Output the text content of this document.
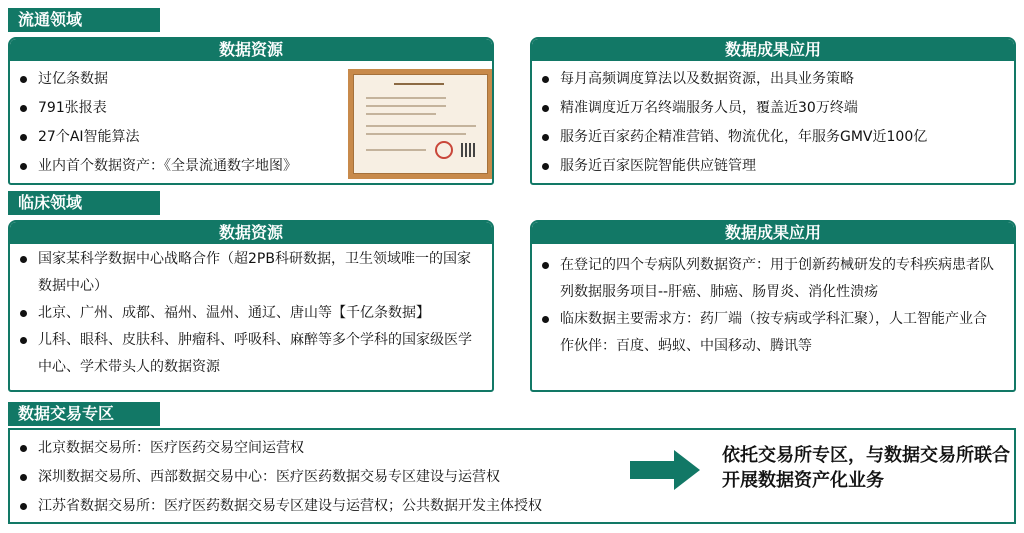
流通领域
临床领域
数据交易专区
数据资源
过亿条数据
791张报表
27个AI智能算法
业内首个数据资产：《全景流通数字地图》
数据成果应用
每月高频调度算法以及数据资源，出具业务策略
精准调度近万名终端服务人员，覆盖近30万终端
服务近百家药企精准营销、物流优化，年服务GMV近100亿
服务近百家医院智能供应链管理
数据资源
国家某科学数据中心战略合作（超2PB科研数据，卫生领域唯一的国家数据中心）
北京、广州、成都、福州、温州、通辽、唐山等【千亿条数据】
儿科、眼科、皮肤科、肿瘤科、呼吸科、麻醉等多个学科的国家级医学中心、学术带头人的数据资源
数据成果应用
在登记的四个专病队列数据资产：用于创新药械研发的专科疾病患者队列数据服务项目--肝癌、肺癌、肠胃炎、消化性溃疡
临床数据主要需求方：药厂端（按专病或学科汇聚），人工智能产业合作伙伴：百度、蚂蚁、中国移动、腾讯等
北京数据交易所：医疗医药交易空间运营权
深圳数据交易所、西部数据交易中心：医疗医药数据交易专区建设与运营权
江苏省数据交易所：医疗医药数据交易专区建设与运营权；公共数据开发主体授权
依托交易所专区，与数据交易所联合开展数据资产化业务
